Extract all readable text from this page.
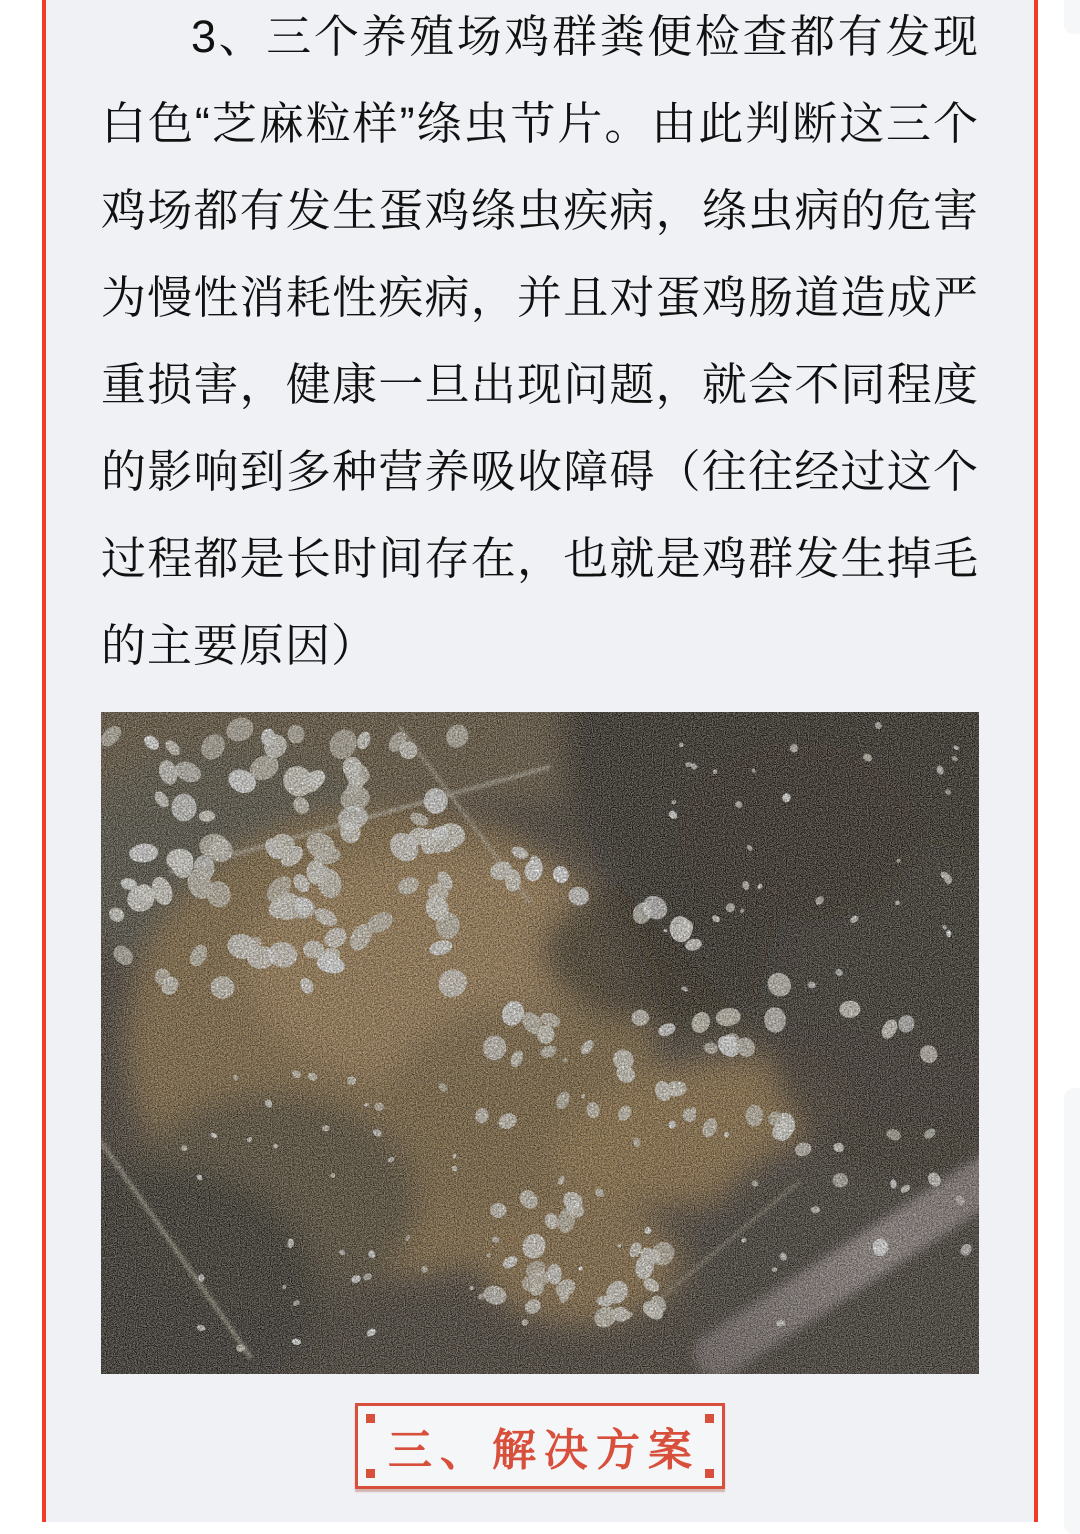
3、三个养殖场鸡群粪便检查都有发现白色“芝麻粒样”绦虫节片。由此判断这三个鸡场都有发生蛋鸡绦虫疾病，绦虫病的危害为慢性消耗性疾病，并且对蛋鸡肠道造成严重损害，健康一旦出现问题，就会不同程度的影响到多种营养吸收障碍（往往经过这个过程都是长时间存在，也就是鸡群发生掉毛的主要原因）

三、解决方案
